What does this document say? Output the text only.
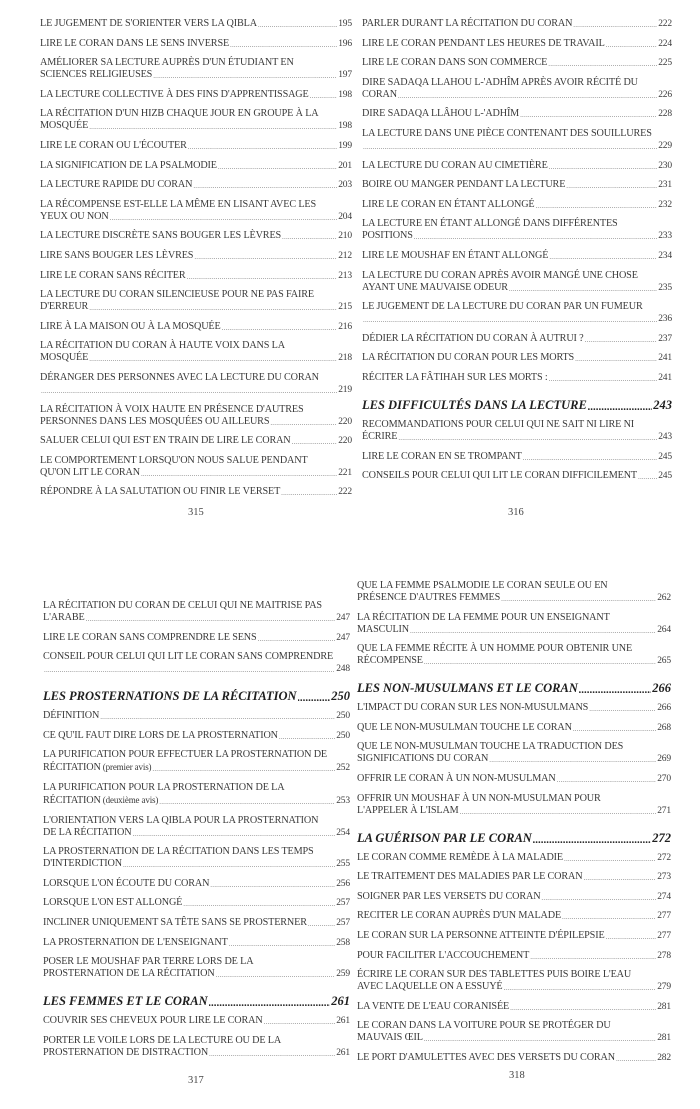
LE JUGEMENT DE S'ORIENTER VERS LA QIBLA .....	195
LIRE LE CORAN DANS LE SENS INVERSE .....	196
AMÉLIORER SA LECTURE AUPRÈS D'UN ÉTUDIANT EN
SCIENCES RELIGIEUSES .....	197
LA LECTURE COLLECTIVE À DES FINS D'APPRENTISSAGE .....	198
LA RÉCITATION D'UN HIZB CHAQUE JOUR EN GROUPE À LA
MOSQUÉE .....	198
LIRE LE CORAN OU L'ÉCOUTER .....	199
LA SIGNIFICATION DE LA PSALMODIE .....	201
LA LECTURE RAPIDE DU CORAN .....	203
LA RÉCOMPENSE EST-ELLE LA MÊME EN LISANT AVEC LES
YEUX OU NON .....	204
LA LECTURE DISCRÈTE SANS BOUGER LES LÈVRES .....	210
LIRE SANS BOUGER LES LÈVRES .....	212
LIRE LE CORAN SANS RÉCITER .....	213
LA LECTURE DU CORAN SILENCIEUSE POUR NE PAS FAIRE
D'ERREUR .....	215
LIRE À LA MAISON OU À LA MOSQUÉE .....	216
LA RÉCITATION DU CORAN À HAUTE VOIX DANS LA
MOSQUÉE .....	218
DÉRANGER DES PERSONNES AVEC LA LECTURE DU CORAN
.....
219
LA RÉCITATION À VOIX HAUTE EN PRÉSENCE D'AUTRES
PERSONNES DANS LES MOSQUÉES OU AILLEURS .....	220
SALUER CELUI QUI EST EN TRAIN DE LIRE LE CORAN .....	220
LE COMPORTEMENT LORSQU'ON NOUS SALUE PENDANT
QU'ON LIT LE CORAN .....	221
RÉPONDRE À LA SALUTATION OU FINIR LE VERSET .....	222
PARLER DURANT LA RÉCITATION DU CORAN .....	222
LIRE LE CORAN PENDANT LES HEURES DE TRAVAIL .....	224
LIRE LE CORAN DANS SON COMMERCE .....	225
DIRE SADAQA LLAHOU L-'ADHÎM APRÈS AVOIR RÉCITÉ DU
CORAN .....	226
DIRE SADAQA LLÂHOU L-'ADHÎM .....	228
LA LECTURE DANS UNE PIÈCE CONTENANT DES SOUILLURES
.....
229
LA LECTURE DU CORAN AU CIMETIÈRE .....	230
BOIRE OU MANGER PENDANT LA LECTURE .....	231
LIRE LE CORAN EN ÉTANT ALLONGÉ .....	232
LA LECTURE EN ÉTANT ALLONGÉ DANS DIFFÉRENTES
POSITIONS .....	233
LIRE LE MOUSHAF EN ÉTANT ALLONGÉ .....	234
LA LECTURE DU CORAN APRÈS AVOIR MANGÉ UNE CHOSE
AYANT UNE MAUVAISE ODEUR .....	235
LE JUGEMENT DE LA LECTURE DU CORAN PAR UN FUMEUR
.....
236
DÉDIER LA RÉCITATION DU CORAN À AUTRUI ? .....	237
LA RÉCITATION DU CORAN POUR LES MORTS .....	241
RÉCITER LA FÂTIHAH SUR LES MORTS : .....	241
LES DIFFICULTÉS DANS LA LECTURE .....	243
RECOMMANDATIONS POUR CELUI QUI NE SAIT NI LIRE NI
ÉCRIRE .....	243
LIRE LE CORAN EN SE TROMPANT .....	245
CONSEILS POUR CELUI QUI LIT LE CORAN DIFFICILEMENT ..... 245
LA RÉCITATION DU CORAN DE CELUI QUI NE MAITRISE PAS
L'ARABE .....	247
LIRE LE CORAN SANS COMPRENDRE LE SENS .....	247
CONSEIL POUR CELUI QUI LIT LE CORAN SANS COMPRENDRE
.....
248
LES PROSTERNATIONS DE LA RÉCITATION .....	250
DÉFINITION .....	250
CE QU'IL FAUT DIRE LORS DE LA PROSTERNATION .....	250
LA PURIFICATION POUR EFFECTUER LA PROSTERNATION DE
RÉCITATION (premier avis) .....	252
LA PURIFICATION POUR LA PROSTERNATION DE LA
RÉCITATION (deuxième avis) .....	253
L'ORIENTATION VERS LA QIBLA POUR LA PROSTERNATION
DE LA RÉCITATION .....	254
LA PROSTERNATION DE LA RÉCITATION DANS LES TEMPS
D'INTERDICTION .....	255
LORSQUE L'ON ÉCOUTE DU CORAN .....	256
LORSQUE L'ON EST ALLONGÉ .....	257
INCLINER UNIQUEMENT SA TÊTE SANS SE PROSTERNER .....	257
LA PROSTERNATION DE L'ENSEIGNANT .....	258
POSER LE MOUSHAF PAR TERRE LORS DE LA
PROSTERNATION DE LA RÉCITATION .....	259
LES FEMMES ET LE CORAN .....	261
COUVRIR SES CHEVEUX POUR LIRE LE CORAN .....	261
PORTER LE VOILE LORS DE LA LECTURE OU DE LA
PROSTERNATION DE DISTRACTION .....	261
QUE LA FEMME PSALMODIE LE CORAN SEULE OU EN
PRÉSENCE D'AUTRES FEMMES .....	262
LA RÉCITATION DE LA FEMME POUR UN ENSEIGNANT
MASCULIN .....	264
QUE LA FEMME RÉCITE À UN HOMME POUR OBTENIR UNE
RÉCOMPENSE .....	265
LES NON-MUSULMANS ET LE CORAN .....	266
L'IMPACT DU CORAN SUR LES NON-MUSULMANS .....	266
QUE LE NON-MUSULMAN TOUCHE LE CORAN .....	268
QUE LE NON-MUSULMAN TOUCHE LA TRADUCTION DES
SIGNIFICATIONS DU CORAN .....	269
OFFRIR LE CORAN À UN NON-MUSULMAN .....	270
OFFRIR UN MOUSHAF À UN NON-MUSULMAN POUR
L'APPELER À L'ISLAM .....	271
LA GUÉRISON PAR LE CORAN .....	272
LE CORAN COMME REMÈDE À LA MALADIE .....	272
LE TRAITEMENT DES MALADIES PAR LE CORAN .....	273
SOIGNER PAR LES VERSETS DU CORAN .....	274
RECITER LE CORAN AUPRÈS D'UN MALADE .....	277
LE CORAN SUR LA PERSONNE ATTEINTE D'ÉPILEPSIE .....	277
POUR FACILITER L'ACCOUCHEMENT .....	278
ÉCRIRE LE CORAN SUR DES TABLETTES PUIS BOIRE L'EAU
AVEC LAQUELLE ON A ESSUYÉ .....	279
LA VENTE DE L'EAU CORANISÉE .....	281
LE CORAN DANS LA VOITURE POUR SE PROTÉGER DU
MAUVAIS ŒIL .....	281
LE PORT D'AMULETTES AVEC DES VERSETS DU CORAN .....	282
315	316
317	318
